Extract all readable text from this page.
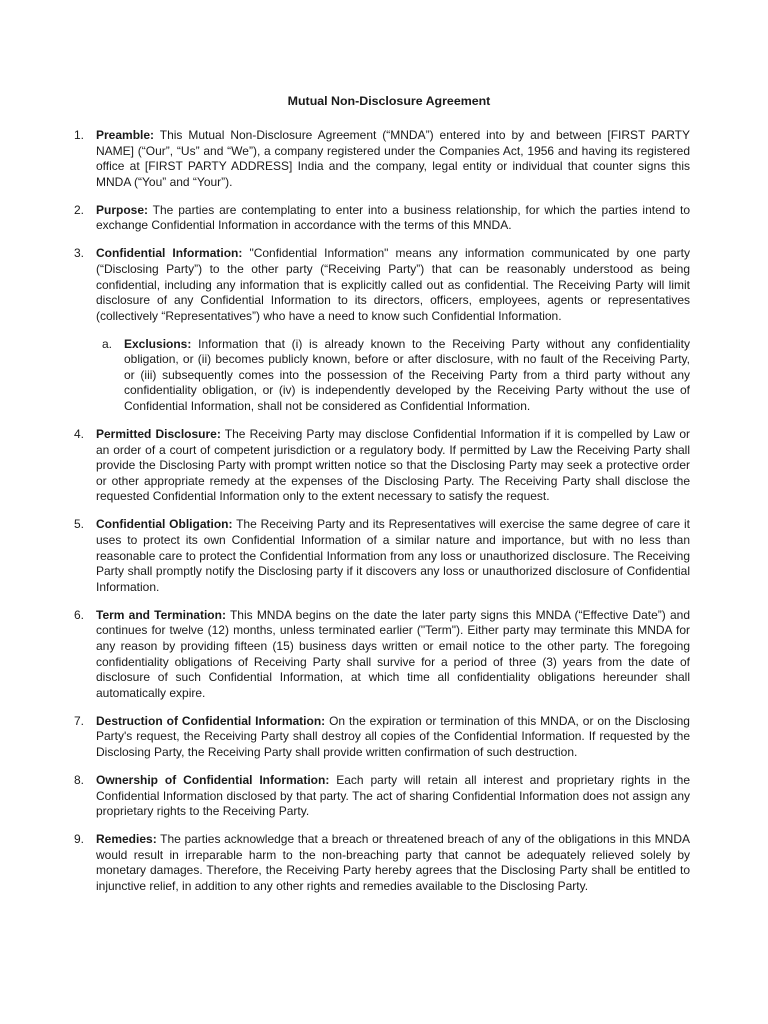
Mutual Non-Disclosure Agreement
1. Preamble: This Mutual Non-Disclosure Agreement (“MNDA”) entered into by and between [FIRST PARTY NAME] (“Our”, “Us” and “We”), a company registered under the Companies Act, 1956 and having its registered office at [FIRST PARTY ADDRESS] India and the company, legal entity or individual that counter signs this MNDA (“You” and “Your”).
2. Purpose: The parties are contemplating to enter into a business relationship, for which the parties intend to exchange Confidential Information in accordance with the terms of this MNDA.
3. Confidential Information: "Confidential Information" means any information communicated by one party (“Disclosing Party”) to the other party (“Receiving Party”) that can be reasonably understood as being confidential, including any information that is explicitly called out as confidential. The Receiving Party will limit disclosure of any Confidential Information to its directors, officers, employees, agents or representatives (collectively “Representatives”) who have a need to know such Confidential Information.
a. Exclusions: Information that (i) is already known to the Receiving Party without any confidentiality obligation, or (ii) becomes publicly known, before or after disclosure, with no fault of the Receiving Party, or (iii) subsequently comes into the possession of the Receiving Party from a third party without any confidentiality obligation, or (iv) is independently developed by the Receiving Party without the use of Confidential Information, shall not be considered as Confidential Information.
4. Permitted Disclosure: The Receiving Party may disclose Confidential Information if it is compelled by Law or an order of a court of competent jurisdiction or a regulatory body. If permitted by Law the Receiving Party shall provide the Disclosing Party with prompt written notice so that the Disclosing Party may seek a protective order or other appropriate remedy at the expenses of the Disclosing Party. The Receiving Party shall disclose the requested Confidential Information only to the extent necessary to satisfy the request.
5. Confidential Obligation: The Receiving Party and its Representatives will exercise the same degree of care it uses to protect its own Confidential Information of a similar nature and importance, but with no less than reasonable care to protect the Confidential Information from any loss or unauthorized disclosure. The Receiving Party shall promptly notify the Disclosing party if it discovers any loss or unauthorized disclosure of Confidential Information.
6. Term and Termination: This MNDA begins on the date the later party signs this MNDA (“Effective Date”) and continues for twelve (12) months, unless terminated earlier ("Term"). Either party may terminate this MNDA for any reason by providing fifteen (15) business days written or email notice to the other party. The foregoing confidentiality obligations of Receiving Party shall survive for a period of three (3) years from the date of disclosure of such Confidential Information, at which time all confidentiality obligations hereunder shall automatically expire.
7. Destruction of Confidential Information: On the expiration or termination of this MNDA, or on the Disclosing Party's request, the Receiving Party shall destroy all copies of the Confidential Information. If requested by the Disclosing Party, the Receiving Party shall provide written confirmation of such destruction.
8. Ownership of Confidential Information: Each party will retain all interest and proprietary rights in the Confidential Information disclosed by that party. The act of sharing Confidential Information does not assign any proprietary rights to the Receiving Party.
9. Remedies: The parties acknowledge that a breach or threatened breach of any of the obligations in this MNDA would result in irreparable harm to the non-breaching party that cannot be adequately relieved solely by monetary damages. Therefore, the Receiving Party hereby agrees that the Disclosing Party shall be entitled to injunctive relief, in addition to any other rights and remedies available to the Disclosing Party.
